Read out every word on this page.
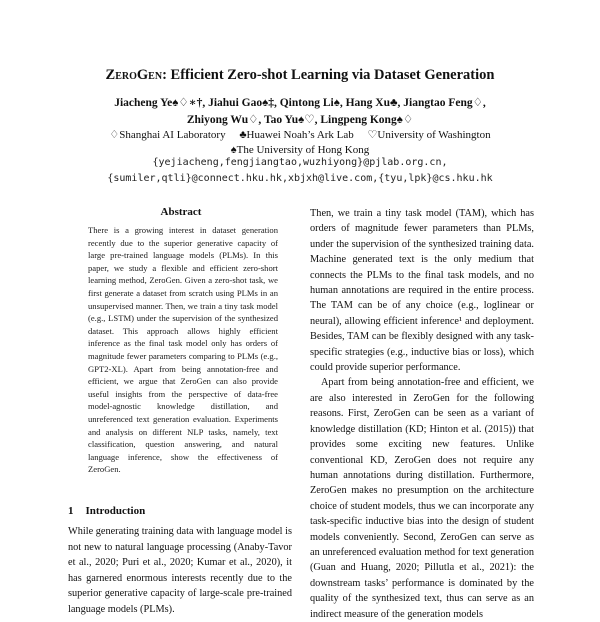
ZeroGen: Efficient Zero-shot Learning via Dataset Generation
Jiacheng Ye♠♢∗†, Jiahui Gao♠‡, Qintong Li♠, Hang Xu♣, Jiangtao Feng♢,
Zhiyong Wu♢, Tao Yu♠♡, Lingpeng Kong♠♢
♢Shanghai AI Laboratory     ♣Huawei Noah’s Ark Lab     ♡University of Washington
♠The University of Hong Kong
{yejiacheng,fengjiangtao,wuzhiyong}@pjlab.org.cn,
{sumiler,qtli}@connect.hku.hk,xbjxh@live.com,{tyu,lpk}@cs.hku.hk
Abstract

There is a growing interest in dataset generation recently due to the superior generative capacity of large pre-trained language models (PLMs). In this paper, we study a flexible and efficient zero-short learning method, ZeroGen. Given a zero-shot task, we first generate a dataset from scratch using PLMs in an unsupervised manner. Then, we train a tiny task model (e.g., LSTM) under the supervision of the synthesized dataset. This approach allows highly efficient inference as the final task model only has orders of magnitude fewer parameters comparing to PLMs (e.g., GPT2-XL). Apart from being annotation-free and efficient, we argue that ZeroGen can also provide useful insights from the perspective of data-free model-agnostic knowledge distillation, and unreferenced text generation evaluation. Experiments and analysis on different NLP tasks, namely, text classification, question answering, and natural language inference, show the effectiveness of ZeroGen.

1 Introduction

While generating training data with language model is not new to natural language processing (Anaby-Tavor et al., 2020; Puri et al., 2020; Kumar et al., 2020), it has garnered enormous interests recently due to the superior generative capacity of large-scale pre-trained language models (PLMs).

Then, we train a tiny task model (TAM), which has orders of magnitude fewer parameters than PLMs, under the supervision of the synthesized training data. Machine generated text is the only medium that connects the PLMs to the final task models, and no human annotations are required in the entire process. The TAM can be of any choice (e.g., loglinear or neural), allowing efficient inference¹ and deployment. Besides, TAM can be flexibly designed with any task-specific strategies (e.g., inductive bias or loss), which could provide superior performance.

Apart from being annotation-free and efficient, we are also interested in ZeroGen for the following reasons. First, ZeroGen can be seen as a variant of knowledge distillation (KD; Hinton et al. (2015)) that provides some exciting new features. Unlike conventional KD, ZeroGen does not require any human annotations during distillation. Furthermore, ZeroGen makes no presumption on the architecture choice of student models, thus we can incorporate any task-specific inductive bias into the design of student models conveniently. Second, ZeroGen can serve as an unreferenced evaluation method for text generation (Guan and Huang, 2020; Pillutla et al., 2021): the downstream tasks’ performance is dominated by the quality of the synthesized text, thus can serve as an indirect measure of the generation models
